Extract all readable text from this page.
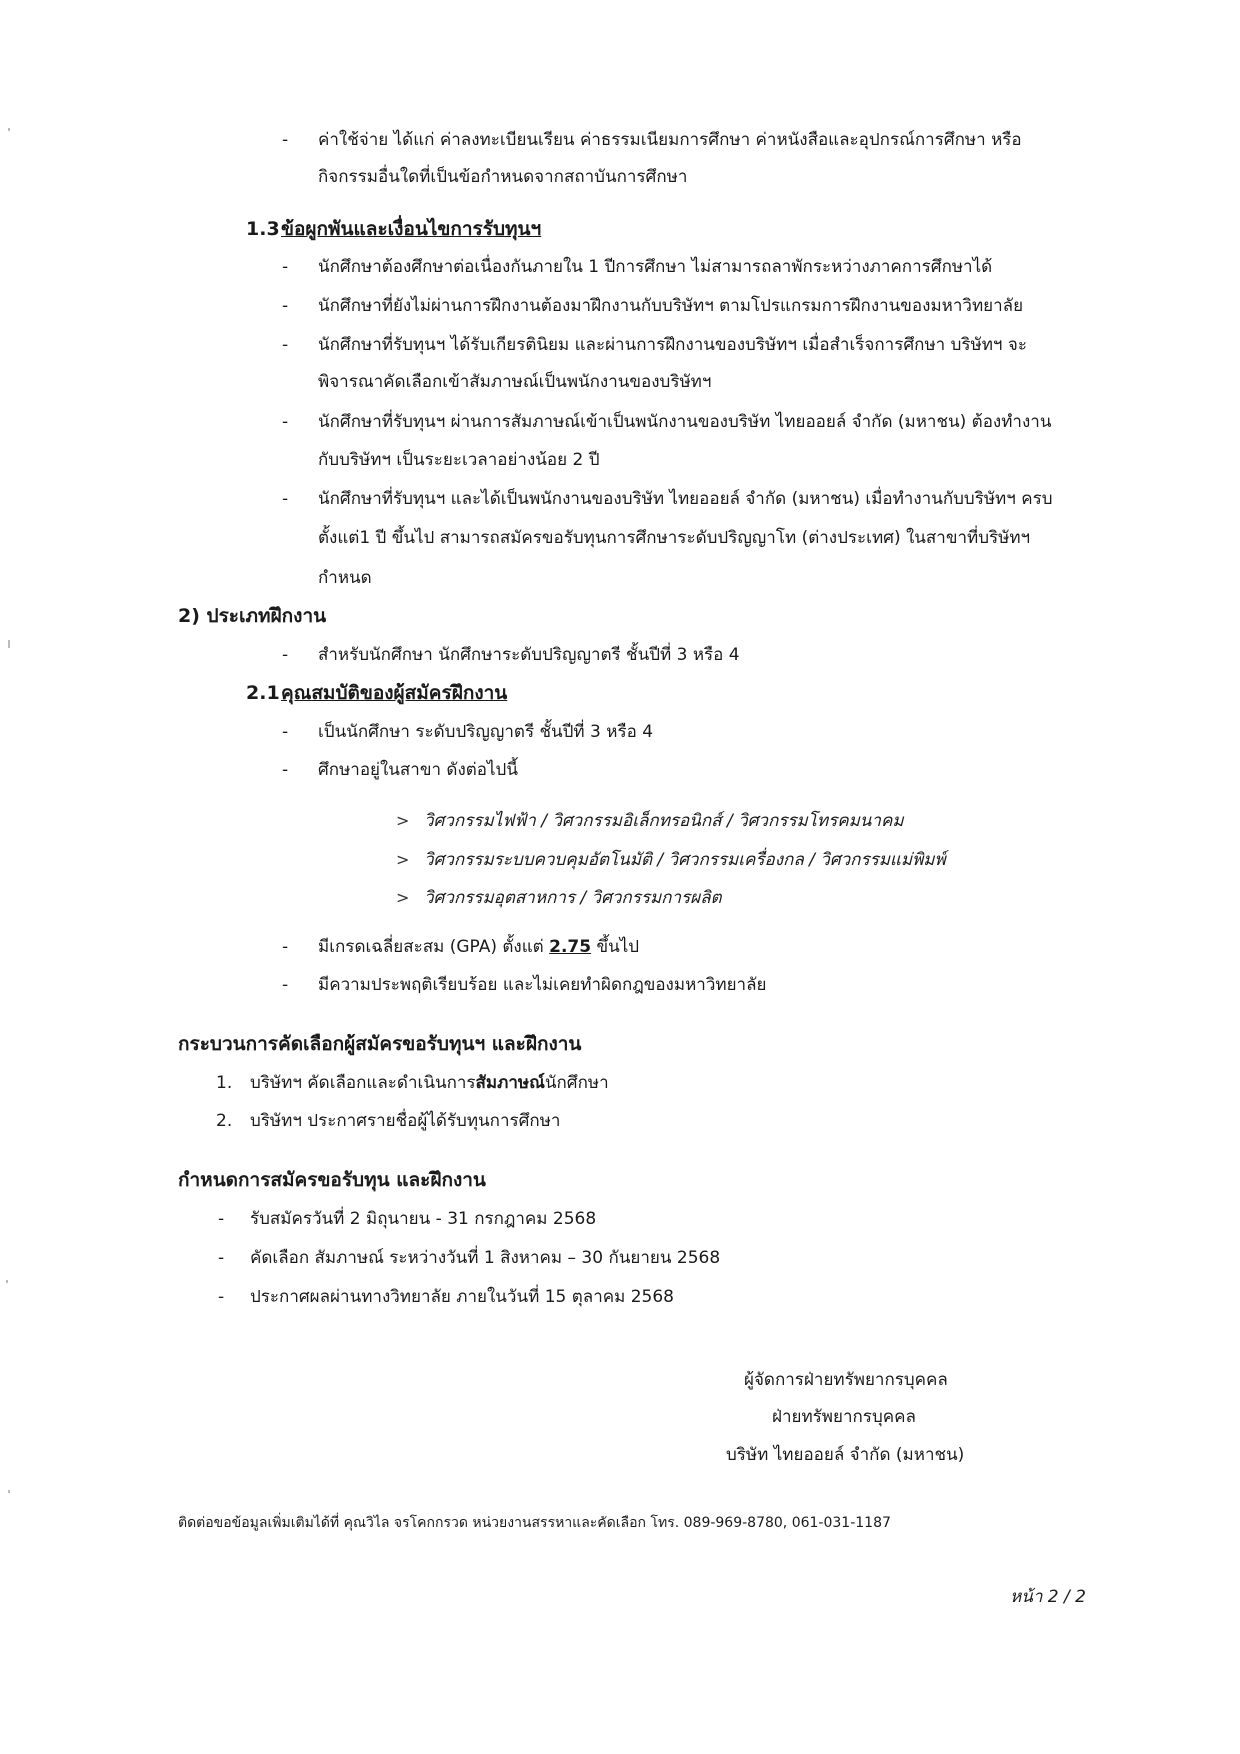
- ค่าใช้จ่าย ได้แก่ ค่าลงทะเบียนเรียน ค่าธรรมเนียมการศึกษา ค่าหนังสือและอุปกรณ์การศึกษา หรือ
กิจกรรมอื่นใดที่เป็นข้อกำหนดจากสถาบันการศึกษา
1.3 ข้อผูกพันและเงื่อนไขการรับทุนฯ
- นักศึกษาต้องศึกษาต่อเนื่องกันภายใน 1 ปีการศึกษา ไม่สามารถลาพักระหว่างภาคการศึกษาได้
- นักศึกษาที่ยังไม่ผ่านการฝึกงานต้องมาฝึกงานกับบริษัทฯ ตามโปรแกรมการฝึกงานของมหาวิทยาลัย
- นักศึกษาที่รับทุนฯ ได้รับเกียรตินิยม และผ่านการฝึกงานของบริษัทฯ เมื่อสำเร็จการศึกษา บริษัทฯ จะ
พิจารณาคัดเลือกเข้าสัมภาษณ์เป็นพนักงานของบริษัทฯ
- นักศึกษาที่รับทุนฯ ผ่านการสัมภาษณ์เข้าเป็นพนักงานของบริษัท ไทยออยล์ จำกัด (มหาชน) ต้องทำงาน
กับบริษัทฯ เป็นระยะเวลาอย่างน้อย 2 ปี
- นักศึกษาที่รับทุนฯ และได้เป็นพนักงานของบริษัท ไทยออยล์ จำกัด (มหาชน) เมื่อทำงานกับบริษัทฯ ครบ
ตั้งแต่1 ปี ขึ้นไป สามารถสมัครขอรับทุนการศึกษาระดับปริญญาโท (ต่างประเทศ) ในสาขาที่บริษัทฯ
กำหนด
2) ประเภทฝึกงาน
- สำหรับนักศึกษา นักศึกษาระดับปริญญาตรี ชั้นปีที่ 3 หรือ 4
2.1 คุณสมบัติของผู้สมัครฝึกงาน
- เป็นนักศึกษา ระดับปริญญาตรี ชั้นปีที่ 3 หรือ 4
- ศึกษาอยู่ในสาขา ดังต่อไปนี้
> วิศวกรรมไฟฟ้า / วิศวกรรมอิเล็กทรอนิกส์ / วิศวกรรมโทรคมนาคม
> วิศวกรรมระบบควบคุมอัตโนมัติ / วิศวกรรมเครื่องกล / วิศวกรรมแม่พิมพ์
> วิศวกรรมอุตสาหการ / วิศวกรรมการผลิต
- มีเกรดเฉลี่ยสะสม (GPA) ตั้งแต่ 2.75 ขึ้นไป
- มีความประพฤติเรียบร้อย และไม่เคยทำผิดกฎของมหาวิทยาลัย
กระบวนการคัดเลือกผู้สมัครขอรับทุนฯ และฝึกงาน
1. บริษัทฯ คัดเลือกและดำเนินการสัมภาษณ์นักศึกษา
2. บริษัทฯ ประกาศรายชื่อผู้ได้รับทุนการศึกษา
กำหนดการสมัครขอรับทุน และฝึกงาน
- รับสมัครวันที่ 2 มิถุนายน - 31 กรกฎาคม 2568
- คัดเลือก สัมภาษณ์ ระหว่างวันที่ 1 สิงหาคม – 30 กันยายน 2568
- ประกาศผลผ่านทางวิทยาลัย ภายในวันที่ 15 ตุลาคม 2568
ผู้จัดการฝ่ายทรัพยากรบุคคล
ฝ่ายทรัพยากรบุคคล
บริษัท ไทยออยล์ จำกัด (มหาชน)
ติดต่อขอข้อมูลเพิ่มเติมได้ที่ คุณวิไล จรโคกกรวด หน่วยงานสรรหาและคัดเลือก โทร. 089-969-8780, 061-031-1187
หน้า 2 / 2
